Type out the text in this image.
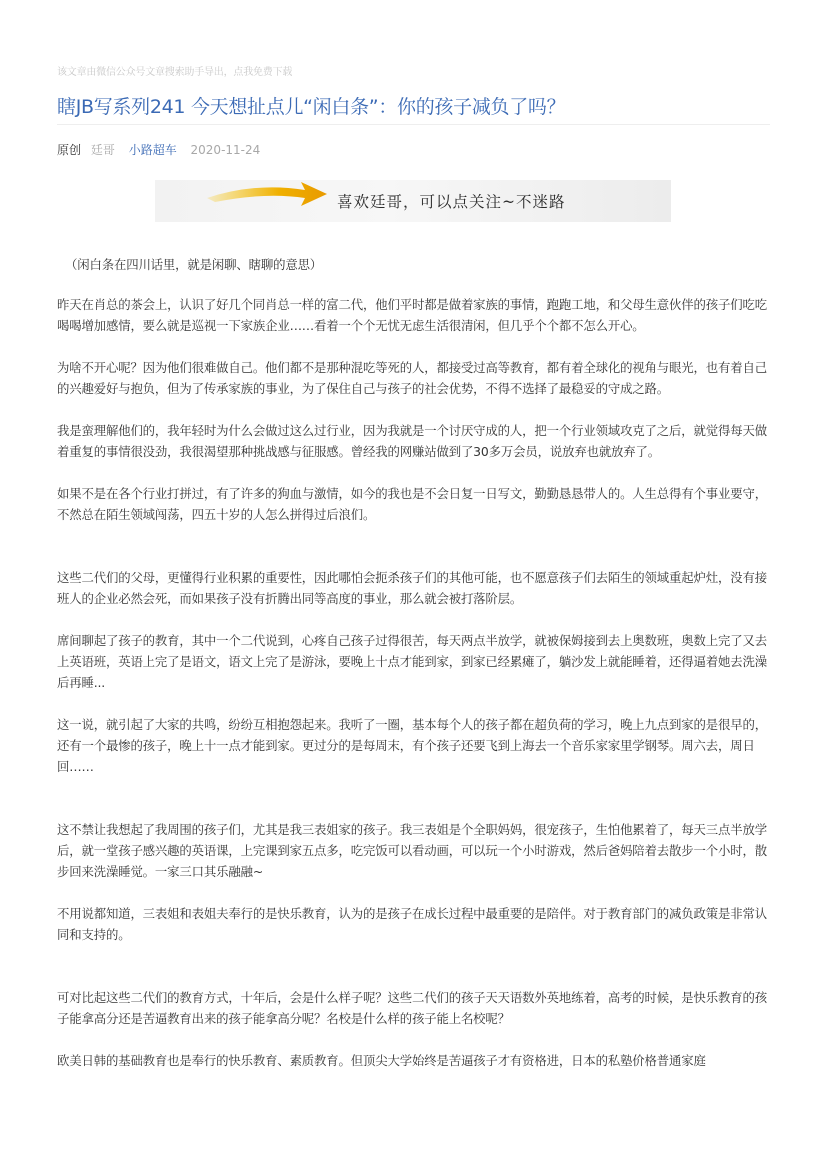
该文章由微信公众号文章搜索助手导出，点我免费下载
瞎JB写系列241 今天想扯点儿“闲白条”：你的孩子减负了吗？
原创 廷哥 小路超车 2020-11-24
喜欢廷哥，可以点关注~不迷路

（闲白条在四川话里，就是闲聊、瞎聊的意思）

昨天在肖总的茶会上，认识了好几个同肖总一样的富二代，他们平时都是做着家族的事情，跑跑工地，和父母生意伙伴的孩子们吃吃喝喝增加感情，要么就是巡视一下家族企业……看着一个个无忧无虑生活很清闲，但几乎个个都不怎么开心。

为啥不开心呢？因为他们很难做自己。他们都不是那种混吃等死的人，都接受过高等教育，都有着全球化的视角与眼光，也有着自己的兴趣爱好与抱负，但为了传承家族的事业，为了保住自己与孩子的社会优势，不得不选择了最稳妥的守成之路。

我是蛮理解他们的，我年轻时为什么会做过这么过行业，因为我就是一个讨厌守成的人，把一个行业领域攻克了之后，就觉得每天做着重复的事情很没劲，我很渴望那种挑战感与征服感。曾经我的网赚站做到了30多万会员，说放弃也就放弃了。

如果不是在各个行业打拼过，有了许多的狗血与激情，如今的我也是不会日复一日写文，勤勤恳恳带人的。人生总得有个事业要守，不然总在陌生领域闯荡，四五十岁的人怎么拼得过后浪们。

这些二代们的父母，更懂得行业积累的重要性，因此哪怕会扼杀孩子们的其他可能，也不愿意孩子们去陌生的领域重起炉灶，没有接班人的企业必然会死，而如果孩子没有折腾出同等高度的事业，那么就会被打落阶层。

席间聊起了孩子的教育，其中一个二代说到，心疼自己孩子过得很苦，每天两点半放学，就被保姆接到去上奥数班，奥数上完了又去上英语班，英语上完了是语文，语文上完了是游泳，要晚上十点才能到家，到家已经累瘫了，躺沙发上就能睡着，还得逼着她去洗澡后再睡...

这一说，就引起了大家的共鸣，纷纷互相抱怨起来。我听了一圈，基本每个人的孩子都在超负荷的学习，晚上九点到家的是很早的，还有一个最惨的孩子，晚上十一点才能到家。更过分的是每周末，有个孩子还要飞到上海去一个音乐家家里学钢琴。周六去，周日回……

这不禁让我想起了我周围的孩子们，尤其是我三表姐家的孩子。我三表姐是个全职妈妈，很宠孩子，生怕他累着了，每天三点半放学后，就一堂孩子感兴趣的英语课，上完课到家五点多，吃完饭可以看动画，可以玩一个小时游戏，然后爸妈陪着去散步一个小时，散步回来洗澡睡觉。一家三口其乐融融~

不用说都知道，三表姐和表姐夫奉行的是快乐教育，认为的是孩子在成长过程中最重要的是陪伴。对于教育部门的减负政策是非常认同和支持的。

可对比起这些二代们的教育方式，十年后，会是什么样子呢？这些二代们的孩子天天语数外英地练着，高考的时候，是快乐教育的孩子能拿高分还是苦逼教育出来的孩子能拿高分呢？名校是什么样的孩子能上名校呢？

欧美日韩的基础教育也是奉行的快乐教育、素质教育。但顶尖大学始终是苦逼孩子才有资格进，日本的私塾价格普通家庭
